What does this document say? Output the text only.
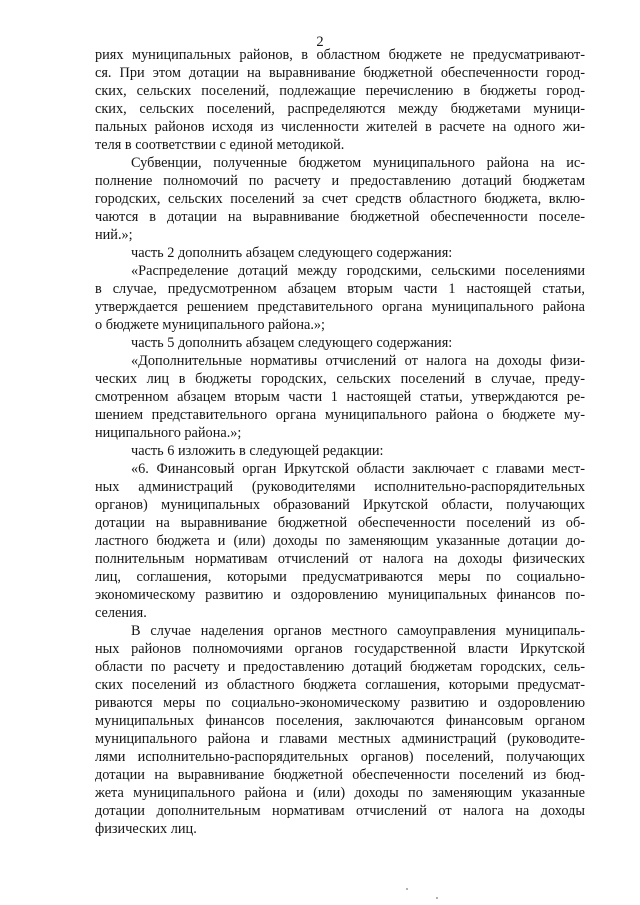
2
риях муниципальных районов, в областном бюджете не предусматривают-
ся. При этом дотации на выравнивание бюджетной обеспеченности город-
ских, сельских поселений, подлежащие перечислению в бюджеты город-
ских, сельских поселений, распределяются между бюджетами муници-
пальных районов исходя из численности жителей в расчете на одного жи-
теля в соответствии с единой методикой.
Субвенции, полученные бюджетом муниципального района на ис-
полнение полномочий по расчету и предоставлению дотаций бюджетам
городских, сельских поселений за счет средств областного бюджета, вклю-
чаются в дотации на выравнивание бюджетной обеспеченности поселе-
ний.»;
часть 2 дополнить абзацем следующего содержания:
«Распределение дотаций между городскими, сельскими поселениями
в случае, предусмотренном абзацем вторым части 1 настоящей статьи,
утверждается решением представительного органа муниципального района
о бюджете муниципального района.»;
часть 5 дополнить абзацем следующего содержания:
«Дополнительные нормативы отчислений от налога на доходы физи-
ческих лиц в бюджеты городских, сельских поселений в случае, преду-
смотренном абзацем вторым части 1 настоящей статьи, утверждаются ре-
шением представительного органа муниципального района о бюджете му-
ниципального района.»;
часть 6 изложить в следующей редакции:
«6. Финансовый орган Иркутской области заключает с главами мест-
ных администраций (руководителями исполнительно-распорядительных
органов) муниципальных образований Иркутской области, получающих
дотации на выравнивание бюджетной обеспеченности поселений из об-
ластного бюджета и (или) доходы по заменяющим указанные дотации до-
полнительным нормативам отчислений от налога на доходы физических
лиц, соглашения, которыми предусматриваются меры по социально-
экономическому развитию и оздоровлению муниципальных финансов по-
селения.
В случае наделения органов местного самоуправления муниципаль-
ных районов полномочиями органов государственной власти Иркутской
области по расчету и предоставлению дотаций бюджетам городских, сель-
ских поселений из областного бюджета соглашения, которыми предусмат-
риваются меры по социально-экономическому развитию и оздоровлению
муниципальных финансов поселения, заключаются финансовым органом
муниципального района и главами местных администраций (руководите-
лями исполнительно-распорядительных органов) поселений, получающих
дотации на выравнивание бюджетной обеспеченности поселений из бюд-
жета муниципального района и (или) доходы по заменяющим указанные
дотации дополнительным нормативам отчислений от налога на доходы
физических лиц.
